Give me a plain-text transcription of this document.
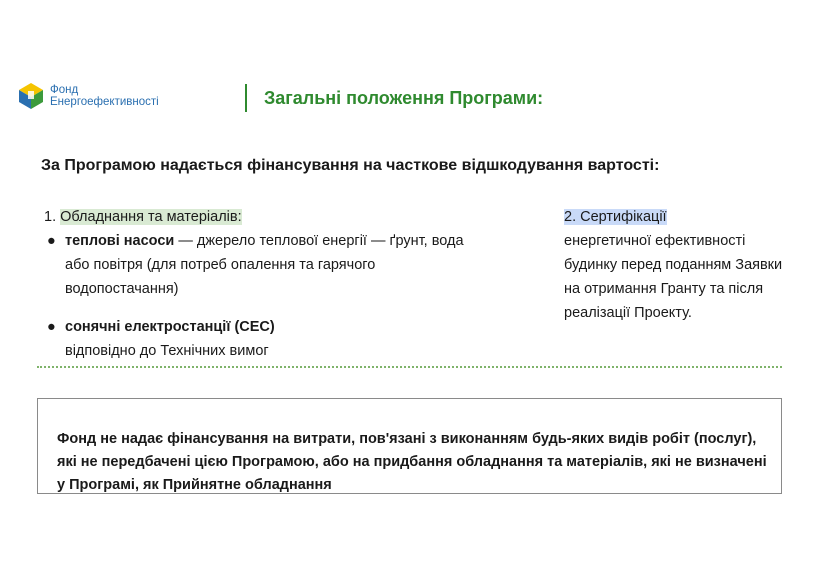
Фонд
Енергоефективності	Загальні положення Програми:
За Програмою надається фінансування на часткове відшкодування вартості:
1. Обладнання та матеріалів:
● теплові насоси — джерело теплової енергії — ґрунт, вода або повітря (для потреб опалення та гарячого водопостачання)
● сонячні електростанції (СЕС)
відповідно до Технічних вимог
2. Сертифікації
енергетичної ефективності будинку перед поданням Заявки на отримання Гранту та після реалізації Проекту.
Фонд не надає фінансування на витрати, пов'язані з виконанням будь-яких видів робіт (послуг), які не передбачені цією Програмою, або на придбання обладнання та матеріалів, які не визначені у Програмі, як Прийнятне обладнання
